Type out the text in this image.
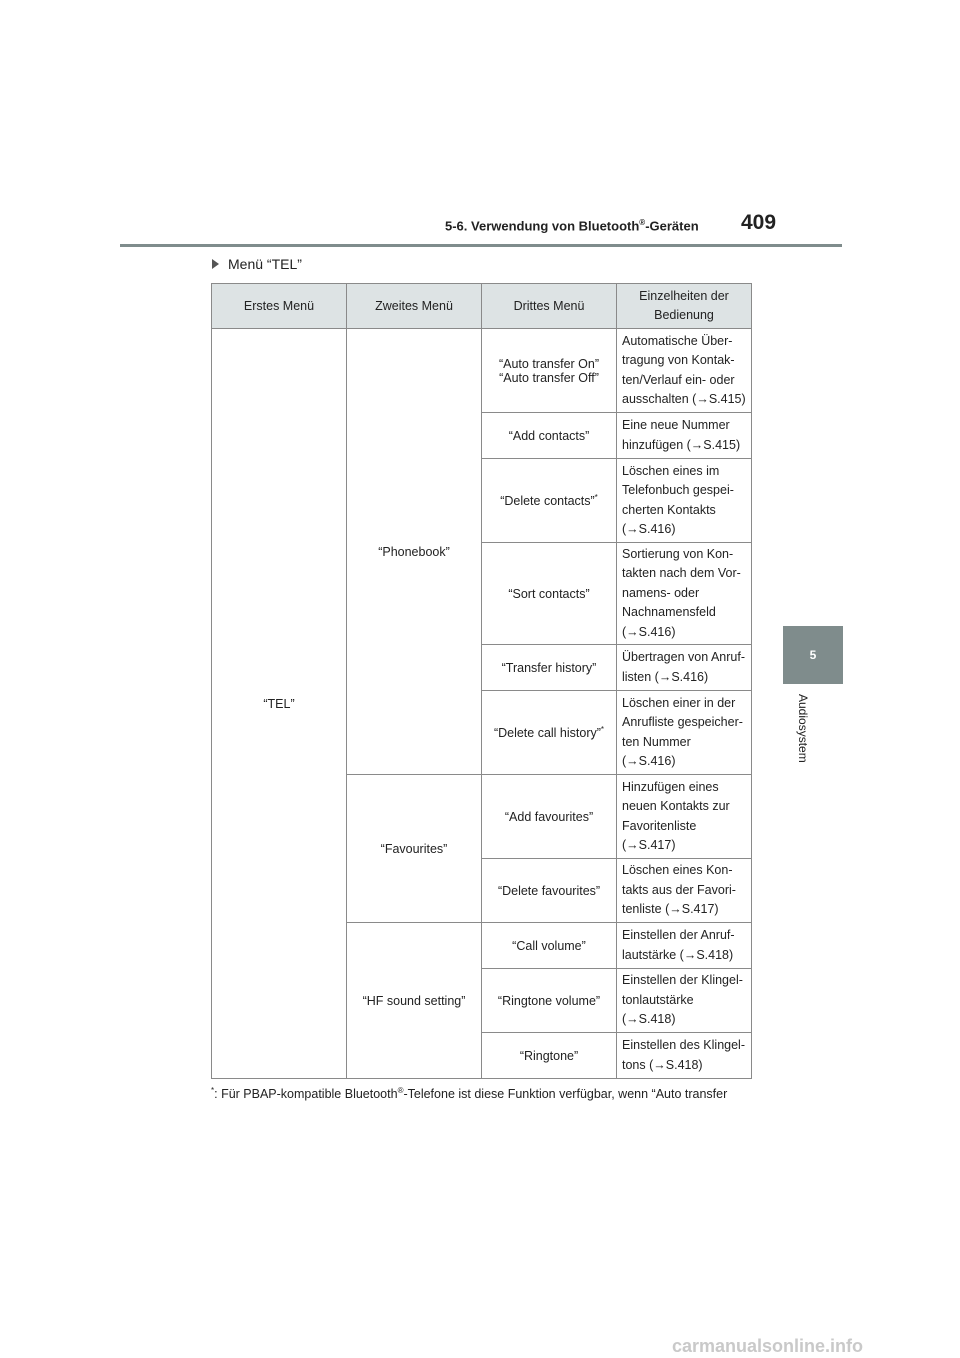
5-6. Verwendung von Bluetooth®-Geräten 409
5
Audiosystem
Menü “TEL”
Erstes Menü	Zweites Menü	Drittes Menü	Einzelheiten der Bedienung
“TEL”	“Phonebook”	“Auto transfer On” “Auto transfer Off”	Automatische Über-tragung von Kontak-ten/Verlauf ein- oder ausschalten (→S.415)
		“Add contacts”	Eine neue Nummer hinzufügen (→S.415)
		“Delete contacts”*	Löschen eines im Telefonbuch gespei-cherten Kontakts (→S.416)
		“Sort contacts”	Sortierung von Kon-takten nach dem Vor-namens- oder Nachnamensfeld (→S.416)
		“Transfer history”	Übertragen von Anruf-listen (→S.416)
		“Delete call history”*	Löschen einer in der Anrufliste gespeicher-ten Nummer (→S.416)
	“Favourites”	“Add favourites”	Hinzufügen eines neuen Kontakts zur Favoritenliste (→S.417)
		“Delete favourites”	Löschen eines Kon-takts aus der Favori-tenliste (→S.417)
	“HF sound setting”	“Call volume”	Einstellen der Anruf-lautstärke (→S.418)
		“Ringtone volume”	Einstellen der Klingel-tonlautstärke (→S.418)
		“Ringtone”	Einstellen des Klingel-tons (→S.418)
*: Für PBAP-kompatible Bluetooth®-Telefone ist diese Funktion verfügbar, wenn “Auto transfer
carmanualsonline.info
